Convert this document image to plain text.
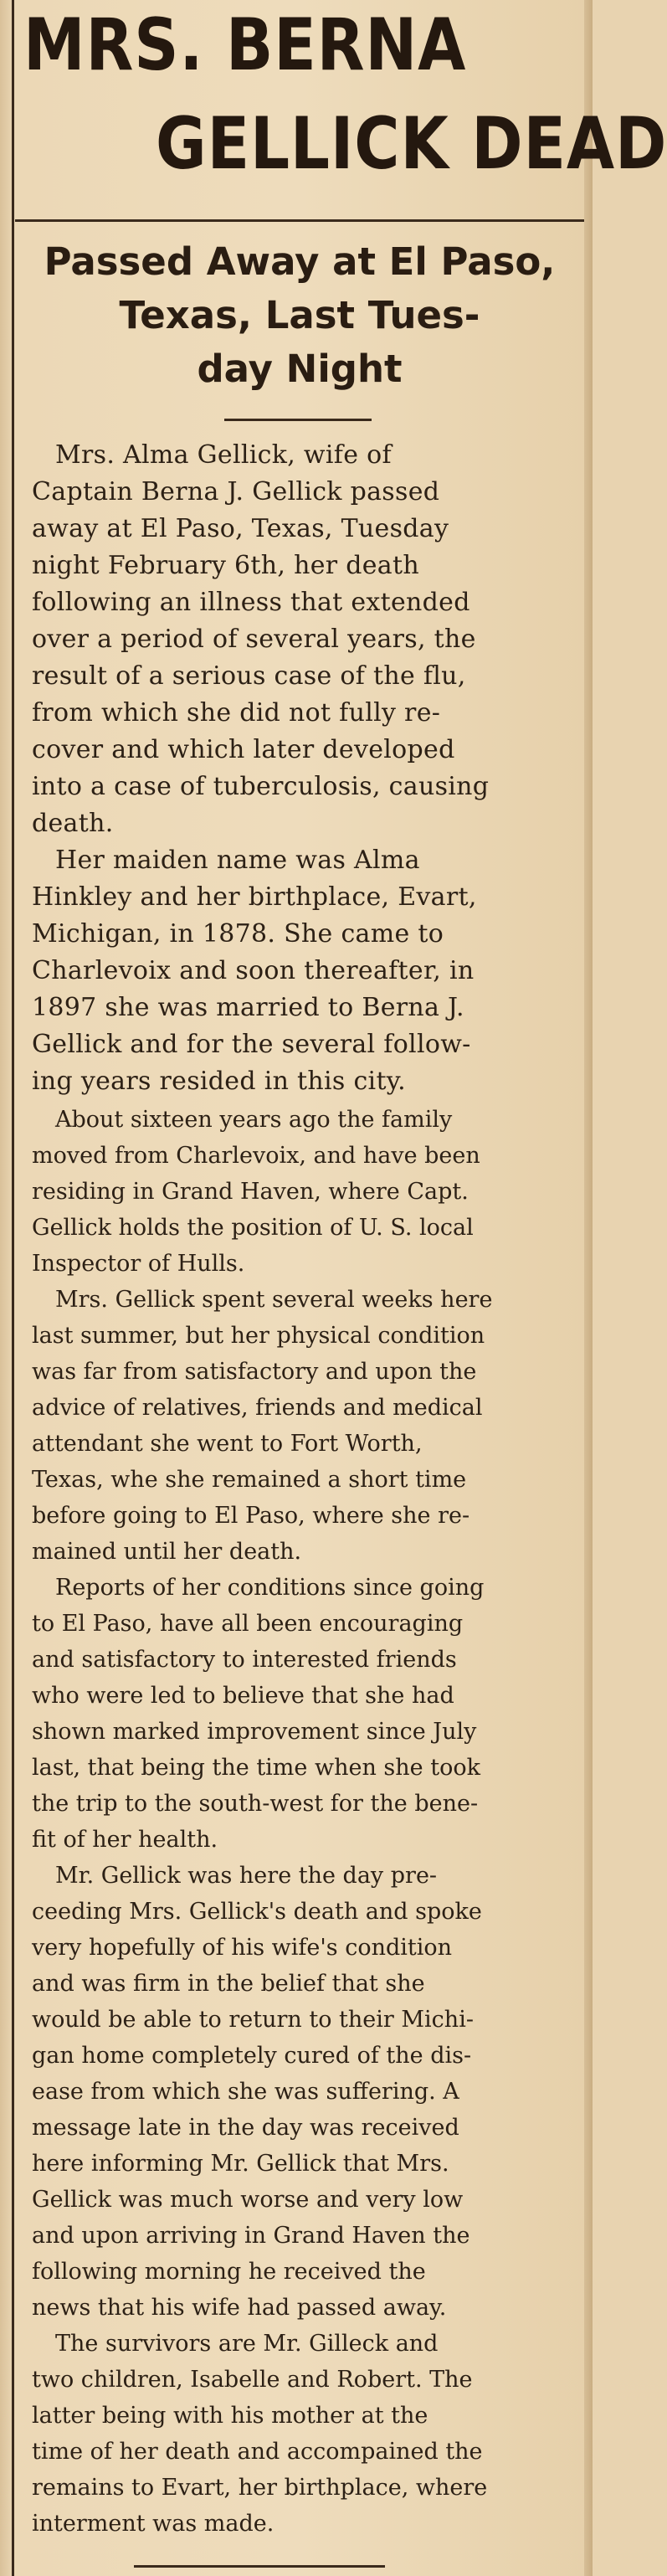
MRS. BERNA
GELLICK DEAD
Passed Away at El Paso,
Texas, Last Tues-
day Night
Mrs. Alma Gellick, wife of
Captain Berna J. Gellick passed
away at El Paso, Texas, Tuesday
night February 6th, her death
following an illness that extended
over a period of several years, the
result of a serious case of the flu,
from which she did not fully re-
cover and which later developed
into a case of tuberculosis, causing
death.
Her maiden name was Alma
Hinkley and her birthplace, Evart,
Michigan, in 1878. She came to
Charlevoix and soon thereafter, in
1897 she was married to Berna J.
Gellick and for the several follow-
ing years resided in this city.
About sixteen years ago the family
moved from Charlevoix, and have been
residing in Grand Haven, where Capt.
Gellick holds the position of U. S. local
Inspector of Hulls.
Mrs. Gellick spent several weeks here
last summer, but her physical condition
was far from satisfactory and upon the
advice of relatives, friends and medical
attendant she went to Fort Worth,
Texas, whe she remained a short time
before going to El Paso, where she re-
mained until her death.
Reports of her conditions since going
to El Paso, have all been encouraging
and satisfactory to interested friends
who were led to believe that she had
shown marked improvement since July
last, that being the time when she took
the trip to the south-west for the bene-
fit of her health.
Mr. Gellick was here the day pre-
ceeding Mrs. Gellick's death and spoke
very hopefully of his wife's condition
and was firm in the belief that she
would be able to return to their Michi-
gan home completely cured of the dis-
ease from which she was suffering. A
message late in the day was received
here informing Mr. Gellick that Mrs.
Gellick was much worse and very low
and upon arriving in Grand Haven the
following morning he received the
news that his wife had passed away.
The survivors are Mr. Gilleck and
two children, Isabelle and Robert. The
latter being with his mother at the
time of her death and accompained the
remains to Evart, her birthplace, where
interment was made.
